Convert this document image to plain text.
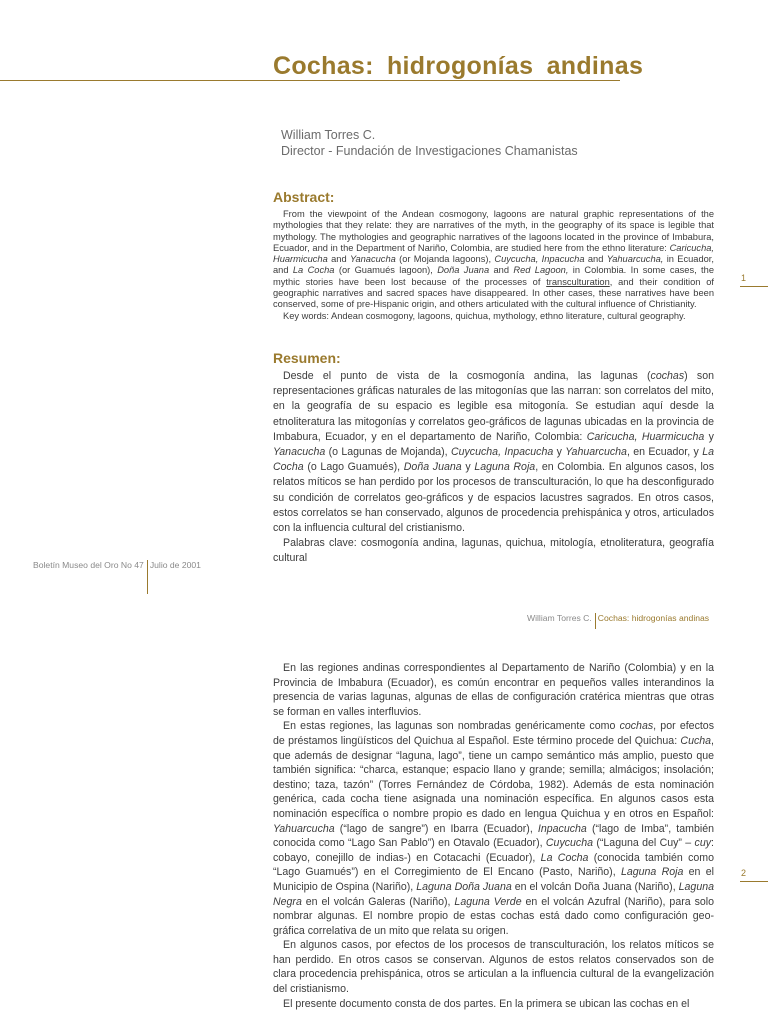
Cochas: hidrogonías andinas
William Torres C.
Director - Fundación de Investigaciones Chamanistas
Abstract:

From the viewpoint of the Andean cosmogony, lagoons are natural graphic representations of the mythologies that they relate: they are narratives of the myth, in the geography of its space is legible that mythology. The mythologies and geographic narratives of the lagoons located in the province of Imbabura, Ecuador, and in the Department of Nariño, Colombia, are studied here from the ethno literature: Caricucha, Huarmicucha and Yanacucha (or Mojanda lagoons), Cuycucha, Inpacucha and Yahuarcucha, in Ecuador, and La Cocha (or Guamués lagoon), Doña Juana and Red Lagoon, in Colombia. In some cases, the mythic stories have been lost because of the processes of transculturation, and their condition of geographic narratives and sacred spaces have disappeared. In other cases, these narratives have been conserved, some of pre-Hispanic origin, and others articulated with the cultural influence of Christianity.

Key words: Andean cosmogony, lagoons, quichua, mythology, ethno literature, cultural geography.

1
Resumen:

Desde el punto de vista de la cosmogonía andina, las lagunas (cochas) son representaciones gráficas naturales de las mitogonías que las narran: son correlatos del mito, en la geografía de su espacio es legible esa mitogonía. Se estudian aquí desde la etnoliteratura las mitogonías y correlatos geo-gráficos de lagunas ubicadas en la provincia de Imbabura, Ecuador, y en el departamento de Nariño, Colombia: Caricucha, Huarmicucha y Yanacucha (o Lagunas de Mojanda), Cuycucha, Inpacucha y Yahuarcucha, en Ecuador, y La Cocha (o Lago Guamués), Doña Juana y Laguna Roja, en Colombia. En algunos casos, los relatos míticos se han perdido por los procesos de transculturación, lo que ha desconfigurado su condición de correlatos geo-gráficos y de espacios lacustres sagrados. En otros casos, estos correlatos se han conservado, algunos de procedencia prehispánica y otros, articulados con la influencia cultural del cristianismo.

Palabras clave: cosmogonía andina, lagunas, quichua, mitología, etnoliteratura, geografía cultural

Boletín Museo del Oro No 47 Julio de 2001
William Torres C. Cochas: hidrogonías andinas

En las regiones andinas correspondientes al Departamento de Nariño (Colombia) y en la Provincia de Imbabura (Ecuador), es común encontrar en pequeños valles interandinos la presencia de varias lagunas, algunas de ellas de configuración cratérica mientras que otras se forman en valles interfluvios.

En estas regiones, las lagunas son nombradas genéricamente como cochas, por efectos de préstamos lingüísticos del Quichua al Español. Este término procede del Quichua: Cucha, que además de designar “laguna, lago”, tiene un campo semántico más amplio, puesto que también significa: “charca, estanque; espacio llano y grande; semilla; almácigos; insolación; destino; taza, tazón” (Torres Fernández de Córdoba, 1982). Además de esta nominación genérica, cada cocha tiene asignada una nominación específica. En algunos casos esta nominación específica o nombre propio es dado en lengua Quichua y en otros en Español: Yahuarcucha (“lago de sangre”) en Ibarra (Ecuador), Inpacucha (“lago de Imba”, también conocida como “Lago San Pablo”) en Otavalo (Ecuador), Cuycucha (“Laguna del Cuy” – cuy: cobayo, conejillo de indias-) en Cotacachi (Ecuador), La Cocha (conocida también como “Lago Guamués”) en el Corregimiento de El Encano (Pasto, Nariño), Laguna Roja en el Municipio de Ospina (Nariño), Laguna Doña Juana en el volcán Doña Juana (Nariño), Laguna Negra en el volcán Galeras (Nariño), Laguna Verde en el volcán Azufral (Nariño), para solo nombrar algunas. El nombre propio de estas cochas está dado como configuración geo-gráfica correlativa de un mito que relata su origen.

En algunos casos, por efectos de los procesos de transculturación, los relatos míticos se han perdido. En otros casos se conservan. Algunos de estos relatos conservados son de clara procedencia prehispánica, otros se articulan a la influencia cultural de la evangelización del cristianismo.

El presente documento consta de dos partes. En la primera se ubican las cochas en el

2
